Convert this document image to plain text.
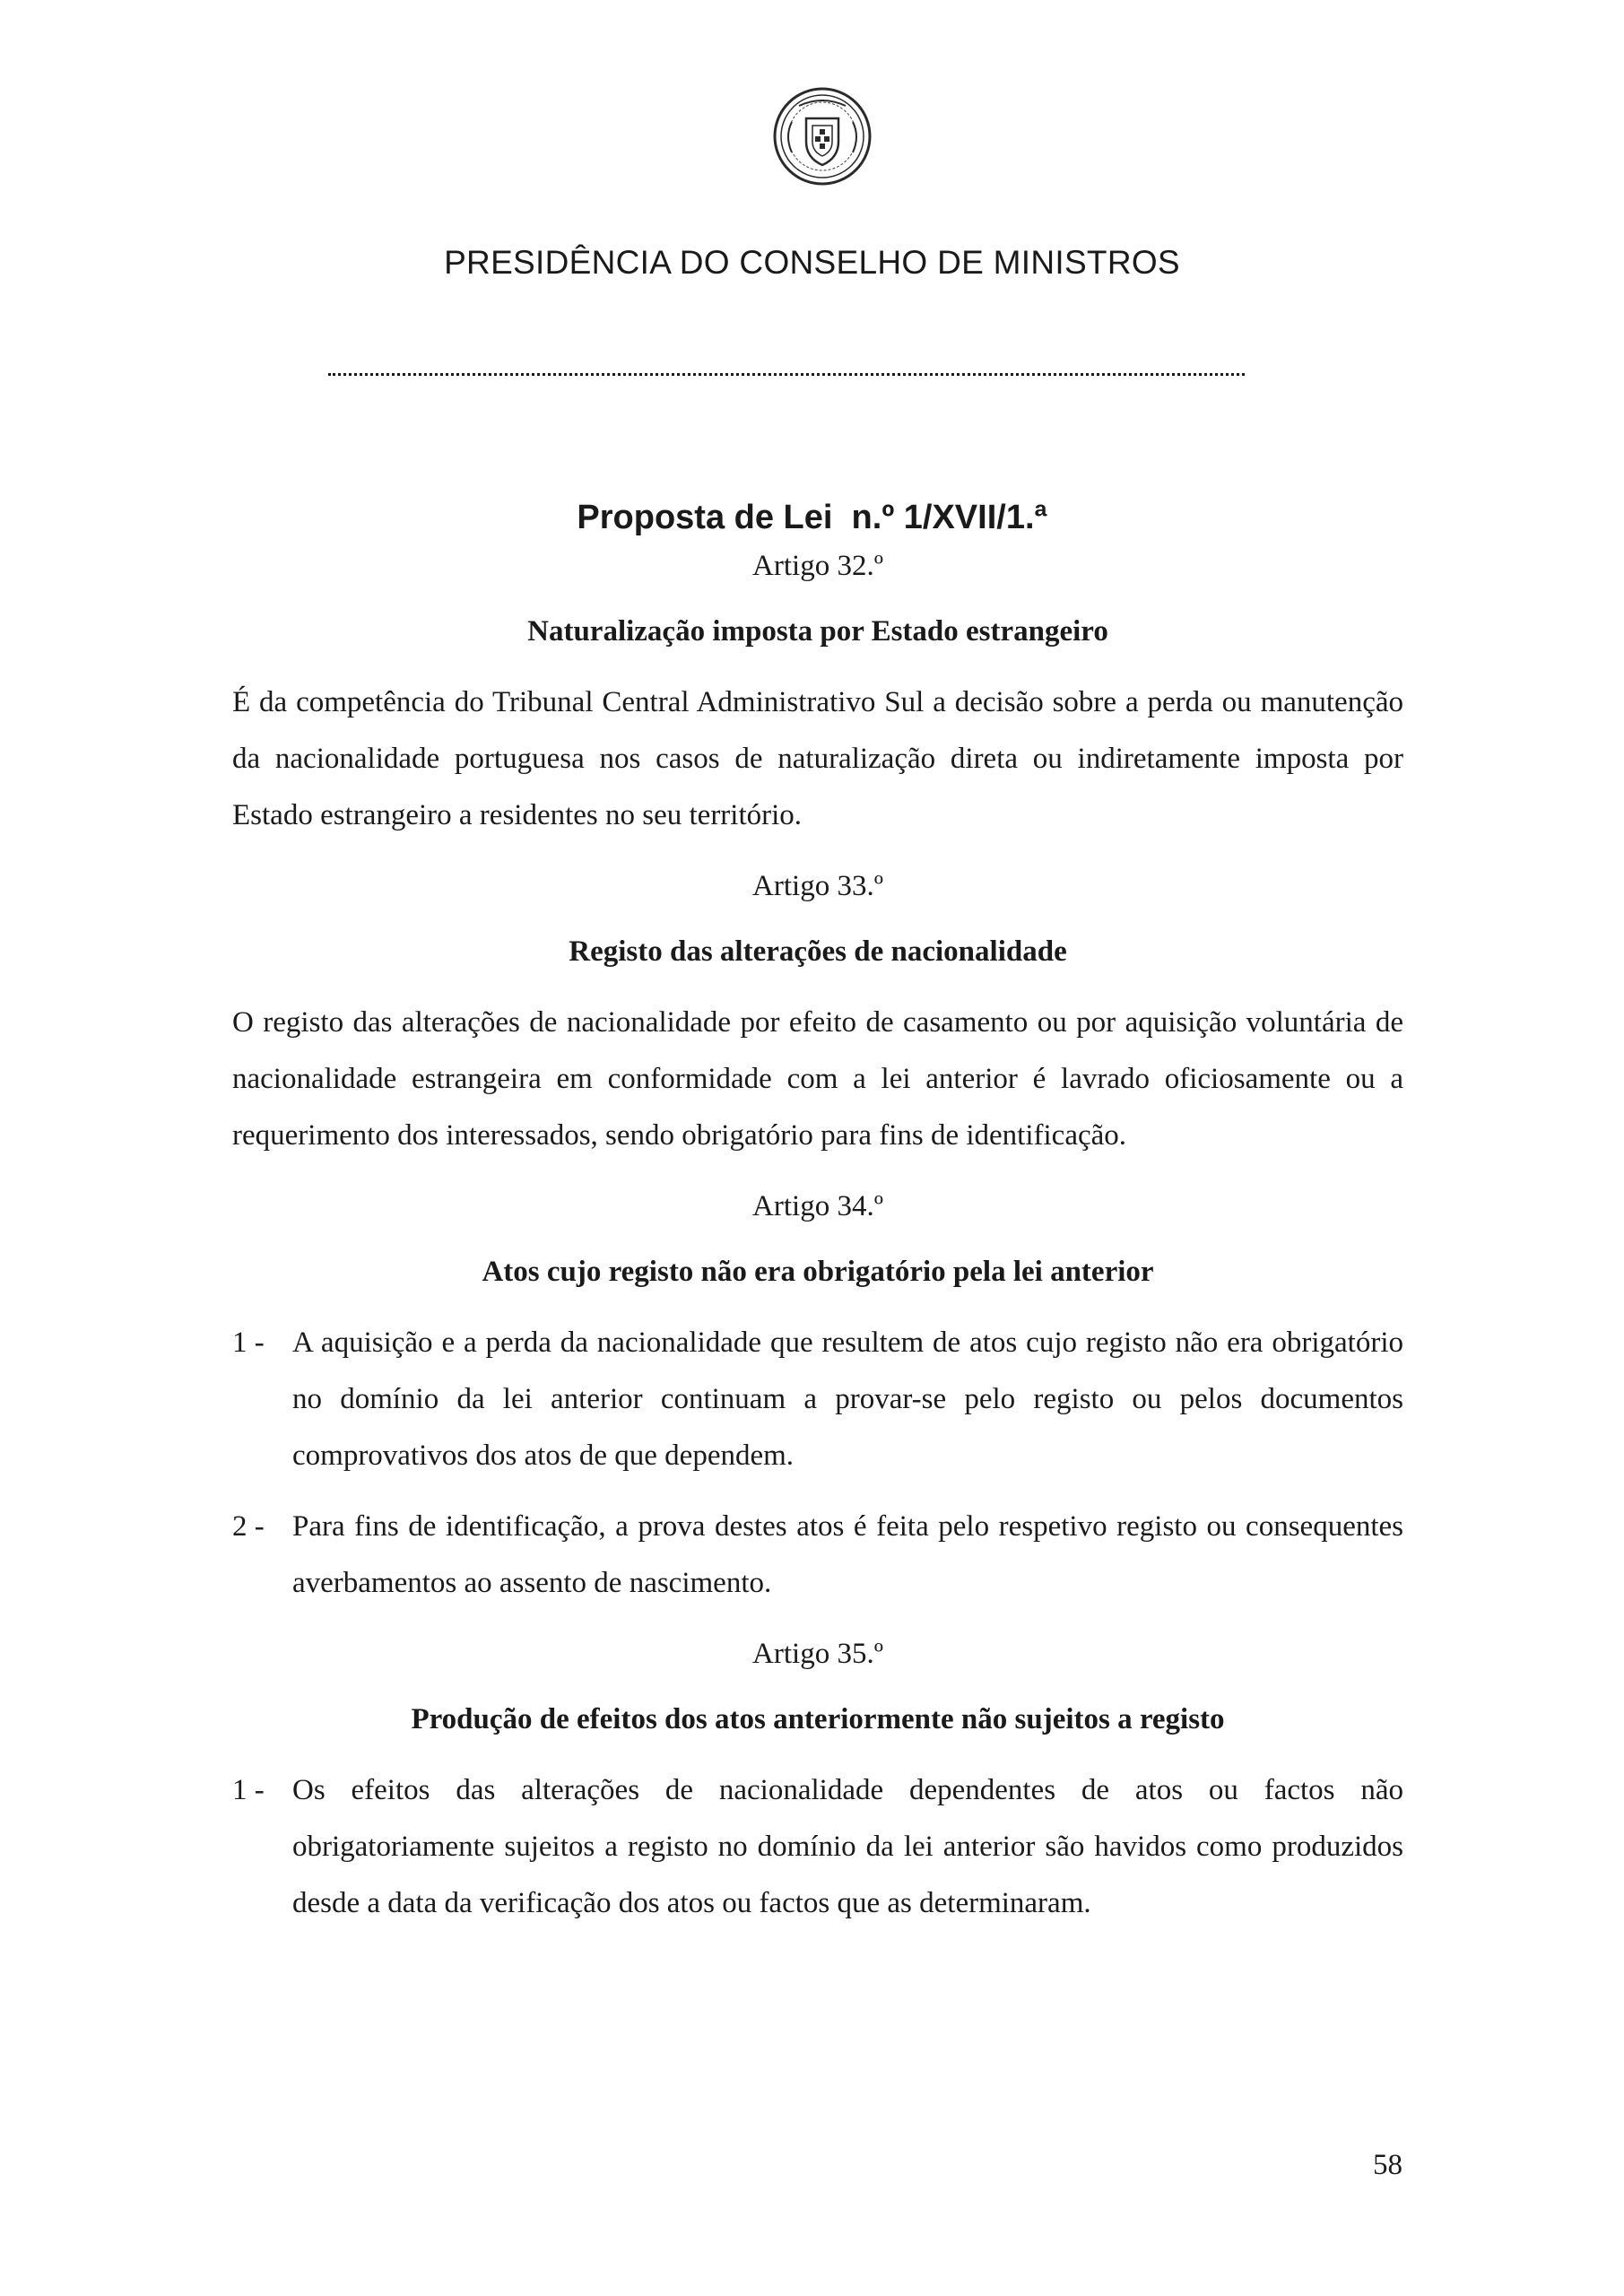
PRESIDÊNCIA DO CONSELHO DE MINISTROS
Proposta de Lei  n.º 1/XVII/1.ª
Artigo 32.º
Naturalização imposta por Estado estrangeiro
É da competência do Tribunal Central Administrativo Sul a decisão sobre a perda ou manutenção da nacionalidade portuguesa nos casos de naturalização direta ou indiretamente imposta por Estado estrangeiro a residentes no seu território.
Artigo 33.º
Registo das alterações de nacionalidade
O registo das alterações de nacionalidade por efeito de casamento ou por aquisição voluntária de nacionalidade estrangeira em conformidade com a lei anterior é lavrado oficiosamente ou a requerimento dos interessados, sendo obrigatório para fins de identificação.
Artigo 34.º
Atos cujo registo não era obrigatório pela lei anterior
1 - A aquisição e a perda da nacionalidade que resultem de atos cujo registo não era obrigatório no domínio da lei anterior continuam a provar-se pelo registo ou pelos documentos comprovativos dos atos de que dependem.
2 - Para fins de identificação, a prova destes atos é feita pelo respetivo registo ou consequentes averbamentos ao assento de nascimento.
Artigo 35.º
Produção de efeitos dos atos anteriormente não sujeitos a registo
1 - Os efeitos das alterações de nacionalidade dependentes de atos ou factos não obrigatoriamente sujeitos a registo no domínio da lei anterior são havidos como produzidos desde a data da verificação dos atos ou factos que as determinaram.
58
